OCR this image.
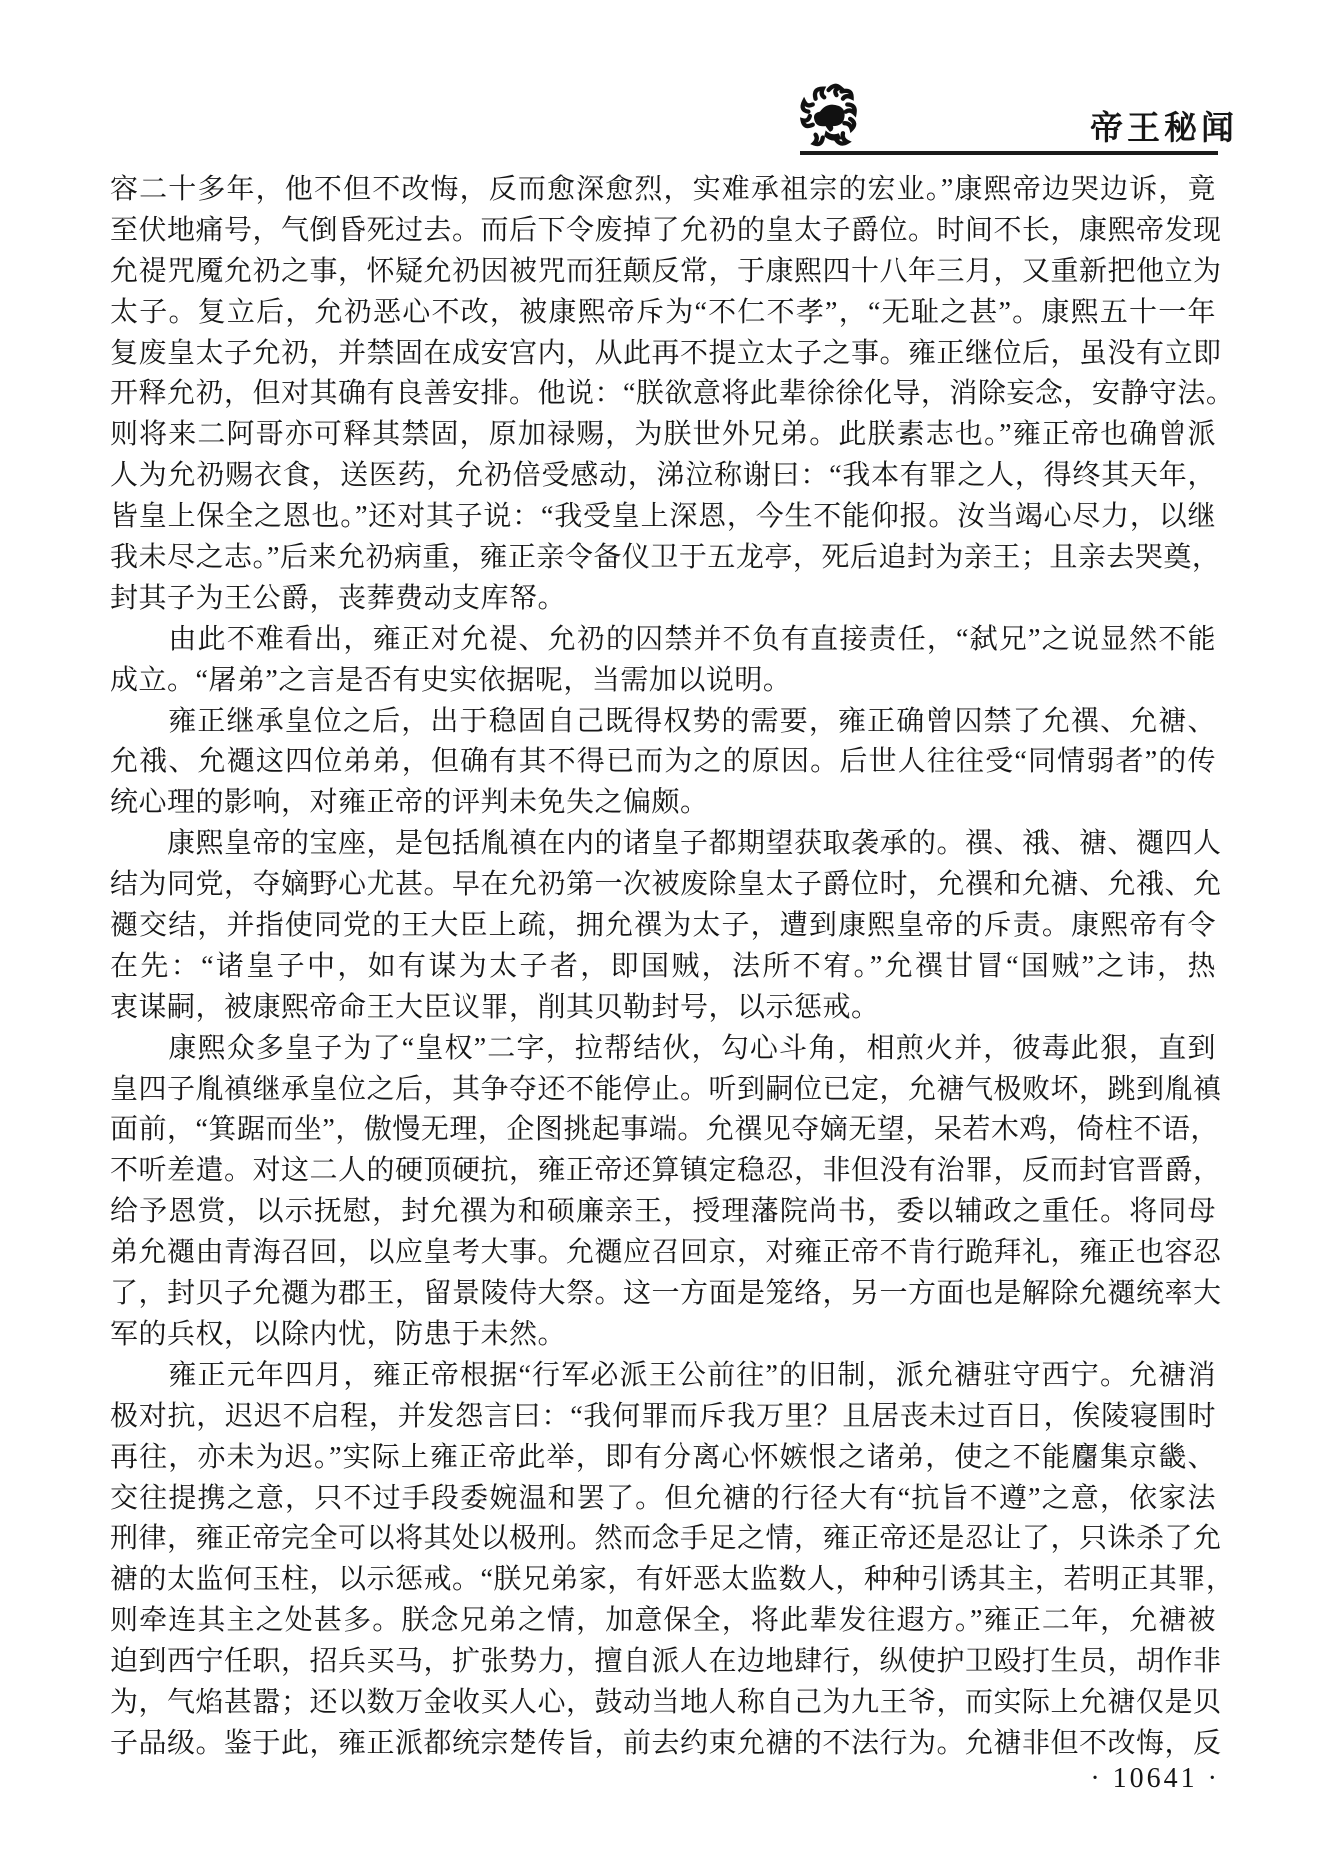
帝王秘闻
容二十多年，他不但不改悔，反而愈深愈烈，实难承祖宗的宏业。”康熙帝边哭边诉，竟
至伏地痛号，气倒昏死过去。而后下令废掉了允礽的皇太子爵位。时间不长，康熙帝发现
允禔咒魇允礽之事，怀疑允礽因被咒而狂颠反常，于康熙四十八年三月，又重新把他立为
太子。复立后，允礽恶心不改，被康熙帝斥为“不仁不孝”，“无耻之甚”。康熙五十一年
复废皇太子允礽，并禁固在成安宫内，从此再不提立太子之事。雍正继位后，虽没有立即
开释允礽，但对其确有良善安排。他说：“朕欲意将此辈徐徐化导，消除妄念，安静守法。
则将来二阿哥亦可释其禁固，原加禄赐，为朕世外兄弟。此朕素志也。”雍正帝也确曾派
人为允礽赐衣食，送医药，允礽倍受感动，涕泣称谢曰：“我本有罪之人，得终其天年，
皆皇上保全之恩也。”还对其子说：“我受皇上深恩，今生不能仰报。汝当竭心尽力，以继
我未尽之志。”后来允礽病重，雍正亲令备仪卫于五龙亭，死后追封为亲王；且亲去哭奠，
封其子为王公爵，丧葬费动支库帑。
　　由此不难看出，雍正对允禔、允礽的囚禁并不负有直接责任，“弑兄”之说显然不能
成立。“屠弟”之言是否有史实依据呢，当需加以说明。
　　雍正继承皇位之后，出于稳固自己既得权势的需要，雍正确曾囚禁了允禩、允禟、
允䄉、允禵这四位弟弟，但确有其不得已而为之的原因。后世人往往受“同情弱者”的传
统心理的影响，对雍正帝的评判未免失之偏颇。
　　康熙皇帝的宝座，是包括胤禛在内的诸皇子都期望获取袭承的。禩、䄉、禟、禵四人
结为同党，夺嫡野心尤甚。早在允礽第一次被废除皇太子爵位时，允禩和允禟、允䄉、允
禵交结，并指使同党的王大臣上疏，拥允禩为太子，遭到康熙皇帝的斥责。康熙帝有令
在先：“诸皇子中，如有谋为太子者，即国贼，法所不宥。”允禩甘冒“国贼”之讳，热
衷谋嗣，被康熙帝命王大臣议罪，削其贝勒封号，以示惩戒。
　　康熙众多皇子为了“皇权”二字，拉帮结伙，勾心斗角，相煎火并，彼毒此狠，直到
皇四子胤禛继承皇位之后，其争夺还不能停止。听到嗣位已定，允禟气极败坏，跳到胤禛
面前，“箕踞而坐”，傲慢无理，企图挑起事端。允禩见夺嫡无望，呆若木鸡，倚柱不语，
不听差遣。对这二人的硬顶硬抗，雍正帝还算镇定稳忍，非但没有治罪，反而封官晋爵，
给予恩赏，以示抚慰，封允禩为和硕廉亲王，授理藩院尚书，委以辅政之重任。将同母
弟允禵由青海召回，以应皇考大事。允禵应召回京，对雍正帝不肯行跪拜礼，雍正也容忍
了，封贝子允禵为郡王，留景陵侍大祭。这一方面是笼络，另一方面也是解除允禵统率大
军的兵权，以除内忧，防患于未然。
　　雍正元年四月，雍正帝根据“行军必派王公前往”的旧制，派允禟驻守西宁。允禟消
极对抗，迟迟不启程，并发怨言曰：“我何罪而斥我万里？且居丧未过百日，俟陵寝围时
再往，亦未为迟。”实际上雍正帝此举，即有分离心怀嫉恨之诸弟，使之不能麕集京畿、
交往提携之意，只不过手段委婉温和罢了。但允禟的行径大有“抗旨不遵”之意，依家法
刑律，雍正帝完全可以将其处以极刑。然而念手足之情，雍正帝还是忍让了，只诛杀了允
禟的太监何玉柱，以示惩戒。“朕兄弟家，有奸恶太监数人，种种引诱其主，若明正其罪，
则牵连其主之处甚多。朕念兄弟之情，加意保全，将此辈发往遐方。”雍正二年，允禟被
迫到西宁任职，招兵买马，扩张势力，擅自派人在边地肆行，纵使护卫殴打生员，胡作非
为，气焰甚嚣；还以数万金收买人心，鼓动当地人称自己为九王爷，而实际上允禟仅是贝
子品级。鉴于此，雍正派都统宗楚传旨，前去约束允禟的不法行为。允禟非但不改悔，反
· 10641 ·
